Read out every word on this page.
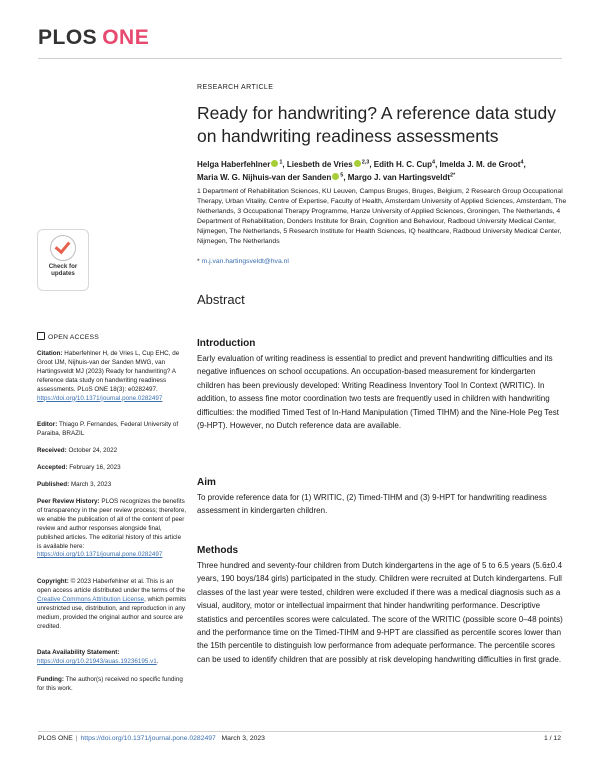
PLOS ONE
RESEARCH ARTICLE
Ready for handwriting? A reference data study on handwriting readiness assessments
Helga Haberfehlner $^1$, Liesbeth de Vries $^{2,3}$, Edith H. C. Cup$^4$, Imelda J. M. de Groot$^4$,
Maria W. G. Nijhuis-van der Sanden $^5$, Margo J. van Hartingsveldt$^{2*}$
1 Department of Rehabilitation Sciences, KU Leuven, Campus Bruges, Bruges, Belgium, 2 Research Group Occupational Therapy, Urban Vitality, Centre of Expertise, Faculty of Health, Amsterdam University of Applied Sciences, Amsterdam, The Netherlands, 3 Occupational Therapy Programme, Hanze University of Applied Sciences, Groningen, The Netherlands, 4 Department of Rehabilitation, Donders Institute for Brain, Cognition and Behaviour, Radboud University Medical Center, Nijmegen, The Netherlands, 5 Research Institute for Health Sciences, IQ healthcare, Radboud University Medical Center, Nijmegen, The Netherlands
* m.j.van.hartingsveldt@hva.nl
Abstract
Introduction
Early evaluation of writing readiness is essential to predict and prevent handwriting difficulties and its negative influences on school occupations. An occupation-based measurement for kindergarten children has been previously developed: Writing Readiness Inventory Tool In Context (WRITIC). In addition, to assess fine motor coordination two tests are frequently used in children with handwriting difficulties: the modified Timed Test of In-Hand Manipulation (Timed TIHM) and the Nine-Hole Peg Test (9-HPT). However, no Dutch reference data are available.
Aim
To provide reference data for (1) WRITIC, (2) Timed-TIHM and (3) 9-HPT for handwriting readiness assessment in kindergarten children.
Methods
Three hundred and seventy-four children from Dutch kindergartens in the age of 5 to 6.5 years (5.6±0.4 years, 190 boys/184 girls) participated in the study. Children were recruited at Dutch kindergartens. Full classes of the last year were tested, children were excluded if there was a medical diagnosis such as a visual, auditory, motor or intellectual impairment that hinder handwriting performance. Descriptive statistics and percentiles scores were calculated. The score of the WRITIC (possible score 0–48 points) and the performance time on the Timed-TIHM and 9-HPT are classified as percentile scores lower than the 15th percentile to distinguish low performance from adequate performance. The percentile scores can be used to identify children that are possibly at risk developing handwriting difficulties in first grade.
Check for
updates
OPEN ACCESS
Citation: Haberfehlner H, de Vries L, Cup EHC, de Groot IJM, Nijhuis-van der Sanden MWG, van Hartingsveldt MJ (2023) Ready for handwriting? A reference data study on handwriting readiness assessments. PLoS ONE 18(3): e0282497. https://doi.org/10.1371/journal.pone.0282497
Editor: Thiago P. Fernandes, Federal University of Paraiba, BRAZIL
Received: October 24, 2022
Accepted: February 16, 2023
Published: March 3, 2023
Peer Review History: PLOS recognizes the benefits of transparency in the peer review process; therefore, we enable the publication of all of the content of peer review and author responses alongside final, published articles. The editorial history of this article is available here: https://doi.org/10.1371/journal.pone.0282497
Copyright: © 2023 Haberfehlner et al. This is an open access article distributed under the terms of the Creative Commons Attribution License, which permits unrestricted use, distribution, and reproduction in any medium, provided the original author and source are credited.
Data Availability Statement: https://doi.org/10.21943/auas.19236195.v1.
Funding: The author(s) received no specific funding for this work.
PLOS ONE | https://doi.org/10.1371/journal.pone.0282497 March 3, 2023	1 / 12
